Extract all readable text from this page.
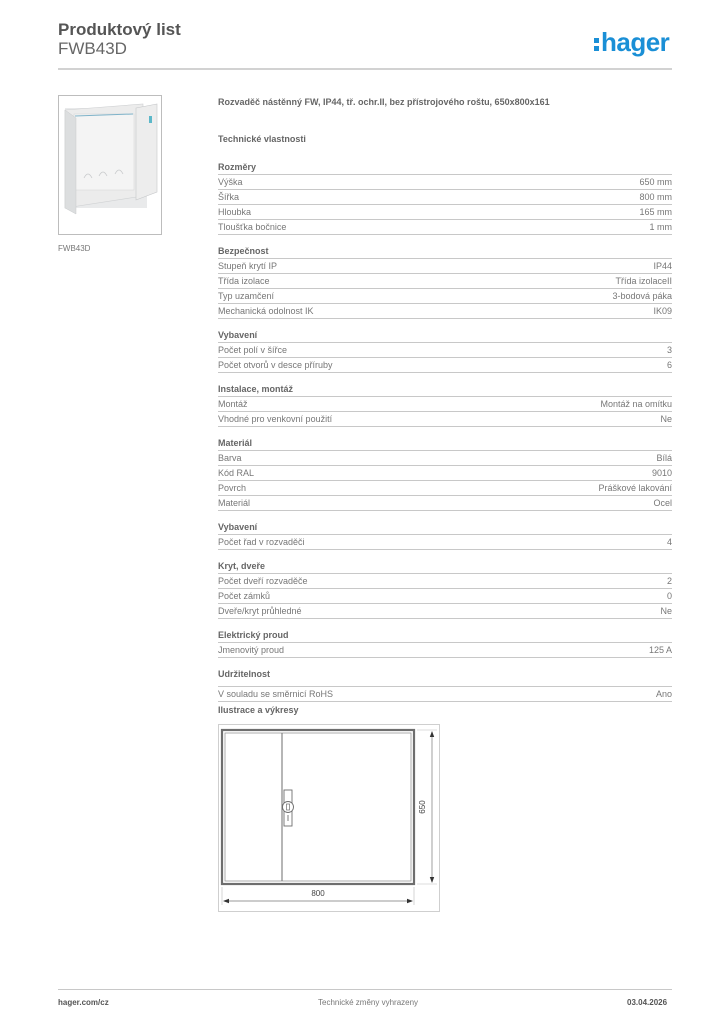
Produktový list
FWB43D	hager
FWB43D
Rozvaděč nástěnný FW, IP44, tř. ochr.II, bez přístrojového roštu, 650x800x161
Technické vlastnosti
Rozměry
Výška	650 mm
Šířka	800 mm
Hloubka	165 mm
Tloušťka bočnice	1 mm
Bezpečnost
Stupeň krytí IP	IP44
Třída izolace	Třída izolaceII
Typ uzamčení	3-bodová páka
Mechanická odolnost IK	IK09
Vybavení
Počet polí v šířce	3
Počet otvorů v desce příruby	6
Instalace, montáž
Montáž	Montáž na omítku
Vhodné pro venkovní použití	Ne
Materiál
Barva	Bílá
Kód RAL	9010
Povrch	Práškové lakování
Materiál	Ocel
Vybavení
Počet řad v rozvaděči	4
Kryt, dveře
Počet dveří rozvaděče	2
Počet zámků	0
Dveře/kryt průhledné	Ne
Elektrický proud
Jmenovitý proud	125 A
Udržitelnost
V souladu se směrnicí RoHS	Ano
Ilustrace a výkresy
650
800
hager.com/cz	Technické změny vyhrazeny	03.04.2026
